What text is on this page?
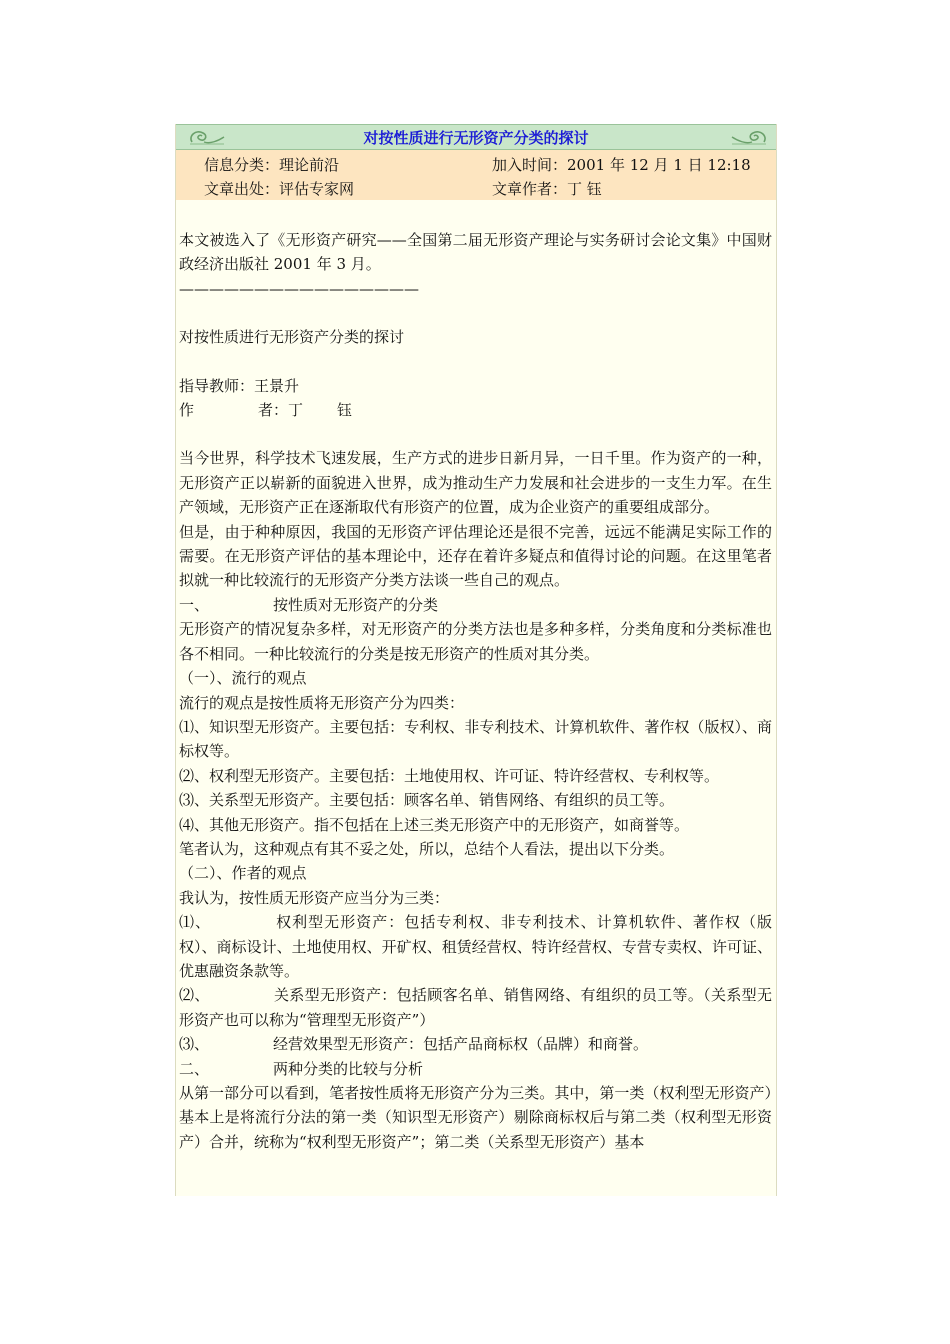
对按性质进行无形资产分类的探讨
信息分类：理论前沿	加入时间：2001 年 12 月 1 日 12:18
文章出处：评估专家网	文章作者：丁 钰

本文被选入了《无形资产研究——全国第二届无形资产理论与实务研讨会论文集》中国财政经济出版社 2001 年 3 月。

————————————————

对按性质进行无形资产分类的探讨

指导教师：王景升

作	者：丁 钰

当今世界，科学技术飞速发展，生产方式的进步日新月异，一日千里。作为资产的一种，无形资产正以崭新的面貌进入世界，成为推动生产力发展和社会进步的一支生力军。在生产领域，无形资产正在逐渐取代有形资产的位置，成为企业资产的重要组成部分。

但是，由于种种原因，我国的无形资产评估理论还是很不完善，远远不能满足实际工作的需要。在无形资产评估的基本理论中，还存在着许多疑点和值得讨论的问题。在这里笔者拟就一种比较流行的无形资产分类方法谈一些自己的观点。

一、	按性质对无形资产的分类

无形资产的情况复杂多样，对无形资产的分类方法也是多种多样，分类角度和分类标准也各不相同。一种比较流行的分类是按无形资产的性质对其分类。

（一）、流行的观点

流行的观点是按性质将无形资产分为四类：

⑴、知识型无形资产。主要包括：专利权、非专利技术、计算机软件、著作权（版权）、商标权等。

⑵、权利型无形资产。主要包括：土地使用权、许可证、特许经营权、专利权等。

⑶、关系型无形资产。主要包括：顾客名单、销售网络、有组织的员工等。

⑷、其他无形资产。指不包括在上述三类无形资产中的无形资产，如商誉等。

笔者认为，这种观点有其不妥之处，所以，总结个人看法，提出以下分类。

（二）、作者的观点

我认为，按性质无形资产应当分为三类：

⑴、	权利型无形资产：包括专利权、非专利技术、计算机软件、著作权（版权）、商标设计、土地使用权、开矿权、租赁经营权、特许经营权、专营专卖权、许可证、优惠融资条款等。

⑵、	关系型无形资产：包括顾客名单、销售网络、有组织的员工等。（关系型无形资产也可以称为“管理型无形资产”）

⑶、	经营效果型无形资产：包括产品商标权（品牌）和商誉。

二、	两种分类的比较与分析

从第一部分可以看到，笔者按性质将无形资产分为三类。其中，第一类（权利型无形资产）基本上是将流行分法的第一类（知识型无形资产）剔除商标权后与第二类（权利型无形资产）合并，统称为“权利型无形资产”；第二类（关系型无形资产）基本
